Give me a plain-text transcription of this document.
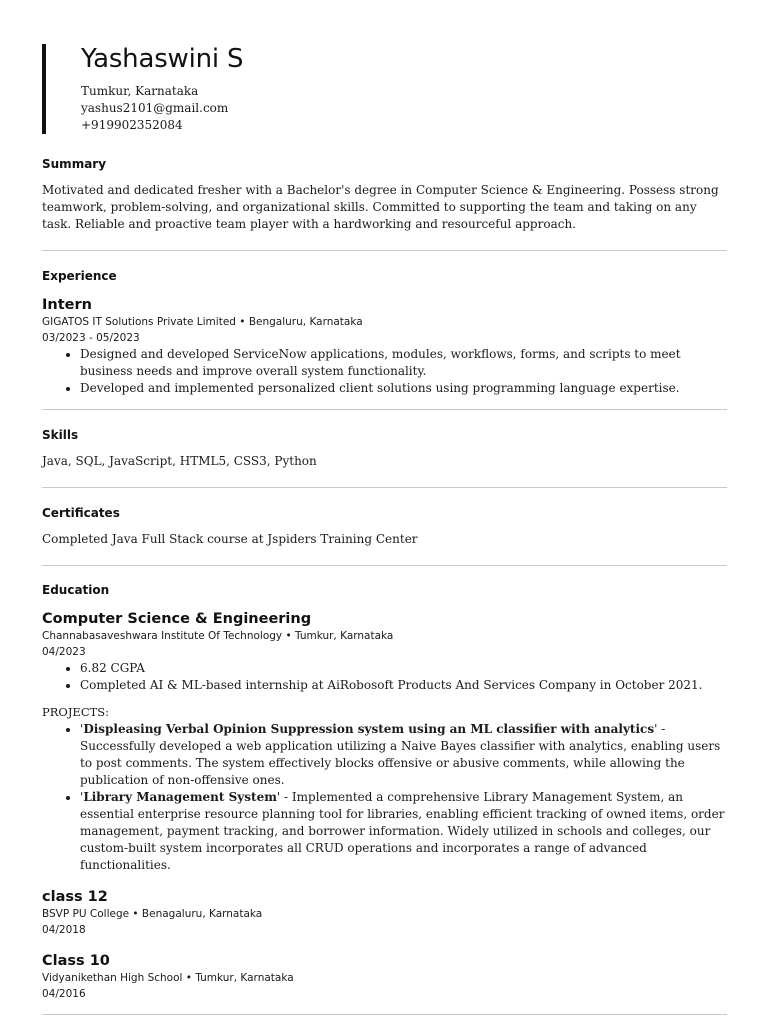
Yashaswini S
Tumkur, Karnataka
yashus2101@gmail.com
+919902352084
Summary

Motivated and dedicated fresher with a Bachelor's degree in Computer Science & Engineering. Possess strong teamwork, problem-solving, and organizational skills. Committed to supporting the team and taking on any task. Reliable and proactive team player with a hardworking and resourceful approach.

Experience
Intern

GIGATOS IT Solutions Private Limited • Bengaluru, Karnataka

03/2023 - 05/2023

• Designed and developed ServiceNow applications, modules, workflows, forms, and scripts to meet business needs and improve overall system functionality.
• Developed and implemented personalized client solutions using programming language expertise.
Skills

Java, SQL, JavaScript, HTML5, CSS3, Python

Certificates

Completed Java Full Stack course at Jspiders Training Center

Education
Computer Science & Engineering

Channabasaveshwara Institute Of Technology • Tumkur, Karnataka

04/2023

• 6.82 CGPA
• Completed AI & ML-based internship at AiRobosoft Products And Services Company in October 2021.

PROJECTS:

• 'Displeasing Verbal Opinion Suppression system using an ML classifier with analytics' - Successfully developed a web application utilizing a Naive Bayes classifier with analytics, enabling users to post comments. The system effectively blocks offensive or abusive comments, while allowing the publication of non-offensive ones.
• 'Library Management System' - Implemented a comprehensive Library Management System, an essential enterprise resource planning tool for libraries, enabling efficient tracking of owned items, order management, payment tracking, and borrower information. Widely utilized in schools and colleges, our custom-built system incorporates all CRUD operations and incorporates a range of advanced functionalities.
class 12

BSVP PU College • Benagaluru, Karnataka

04/2018

Class 10

Vidyanikethan High School • Tumkur, Karnataka

04/2016
